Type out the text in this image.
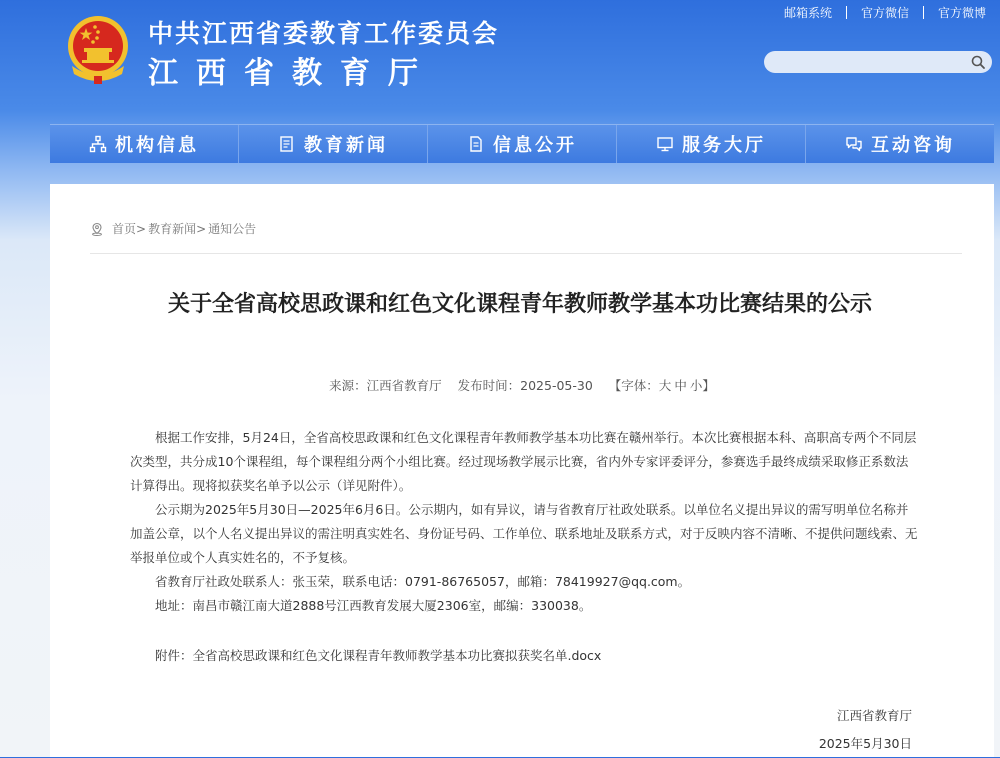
中共江西省委教育工作委员会
江西省教育厅
邮箱系统	官方微信	官方微博
机构信息	教育新闻	信息公开	服务大厅	互动咨询
首页 > 教育新闻 > 通知公告
关于全省高校思政课和红色文化课程青年教师教学基本功比赛结果的公示
来源：江西省教育厅 发布时间：2025-05-30 【字体：大 中 小】

根据工作安排，5月24日，全省高校思政课和红色文化课程青年教师教学基本功比赛在赣州举行。本次比赛根据本科、高职高专两个不同层次类型，共分成10个课程组，每个课程组分两个小组比赛。经过现场教学展示比赛，省内外专家评委评分，参赛选手最终成绩采取修正系数法计算得出。现将拟获奖名单予以公示（详见附件）。

公示期为2025年5月30日—2025年6月6日。公示期内，如有异议，请与省教育厅社政处联系。以单位名义提出异议的需写明单位名称并加盖公章，以个人名义提出异议的需注明真实姓名、身份证号码、工作单位、联系地址及联系方式，对于反映内容不清晰、不提供问题线索、无举报单位或个人真实姓名的，不予复核。

省教育厅社政处联系人：张玉荣，联系电话：0791-86765057，邮箱：78419927@qq.com。

地址：南昌市赣江南大道2888号江西教育发展大厦2306室，邮编：330038。

附件：全省高校思政课和红色文化课程青年教师教学基本功比赛拟获奖名单.docx

江西省教育厅
2025年5月30日
